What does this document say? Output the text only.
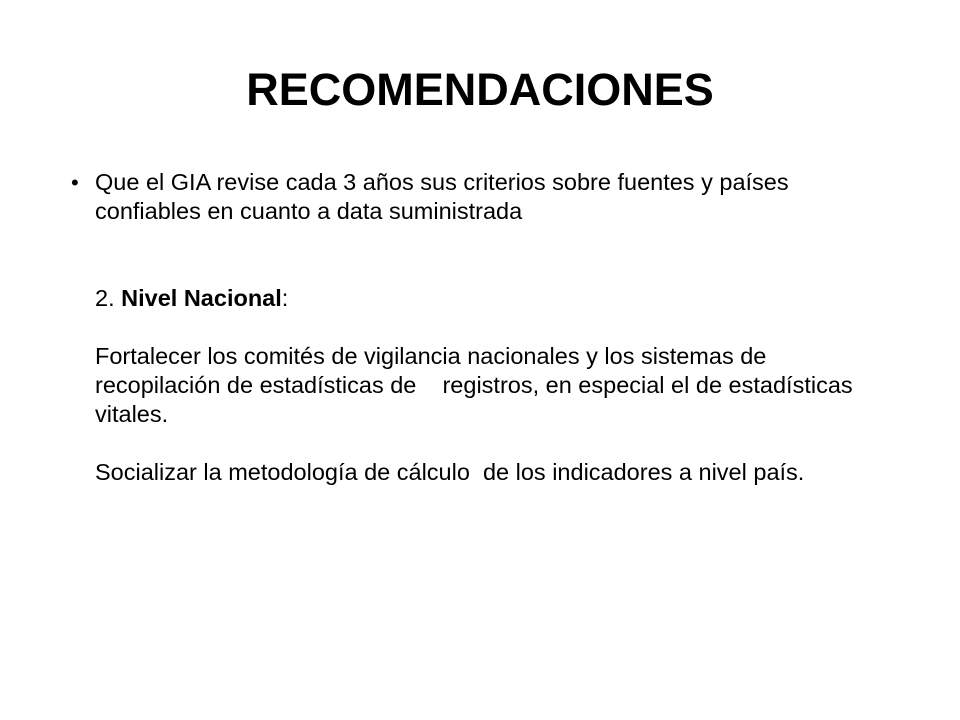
RECOMENDACIONES
• Que el GIA revise cada 3 años sus criterios sobre fuentes y países confiables en cuanto a data suministrada

2. Nivel Nacional:

Fortalecer los comités de vigilancia nacionales y los sistemas de recopilación de estadísticas de    registros, en especial el de estadísticas vitales.

Socializar la metodología de cálculo  de los indicadores a nivel país.
